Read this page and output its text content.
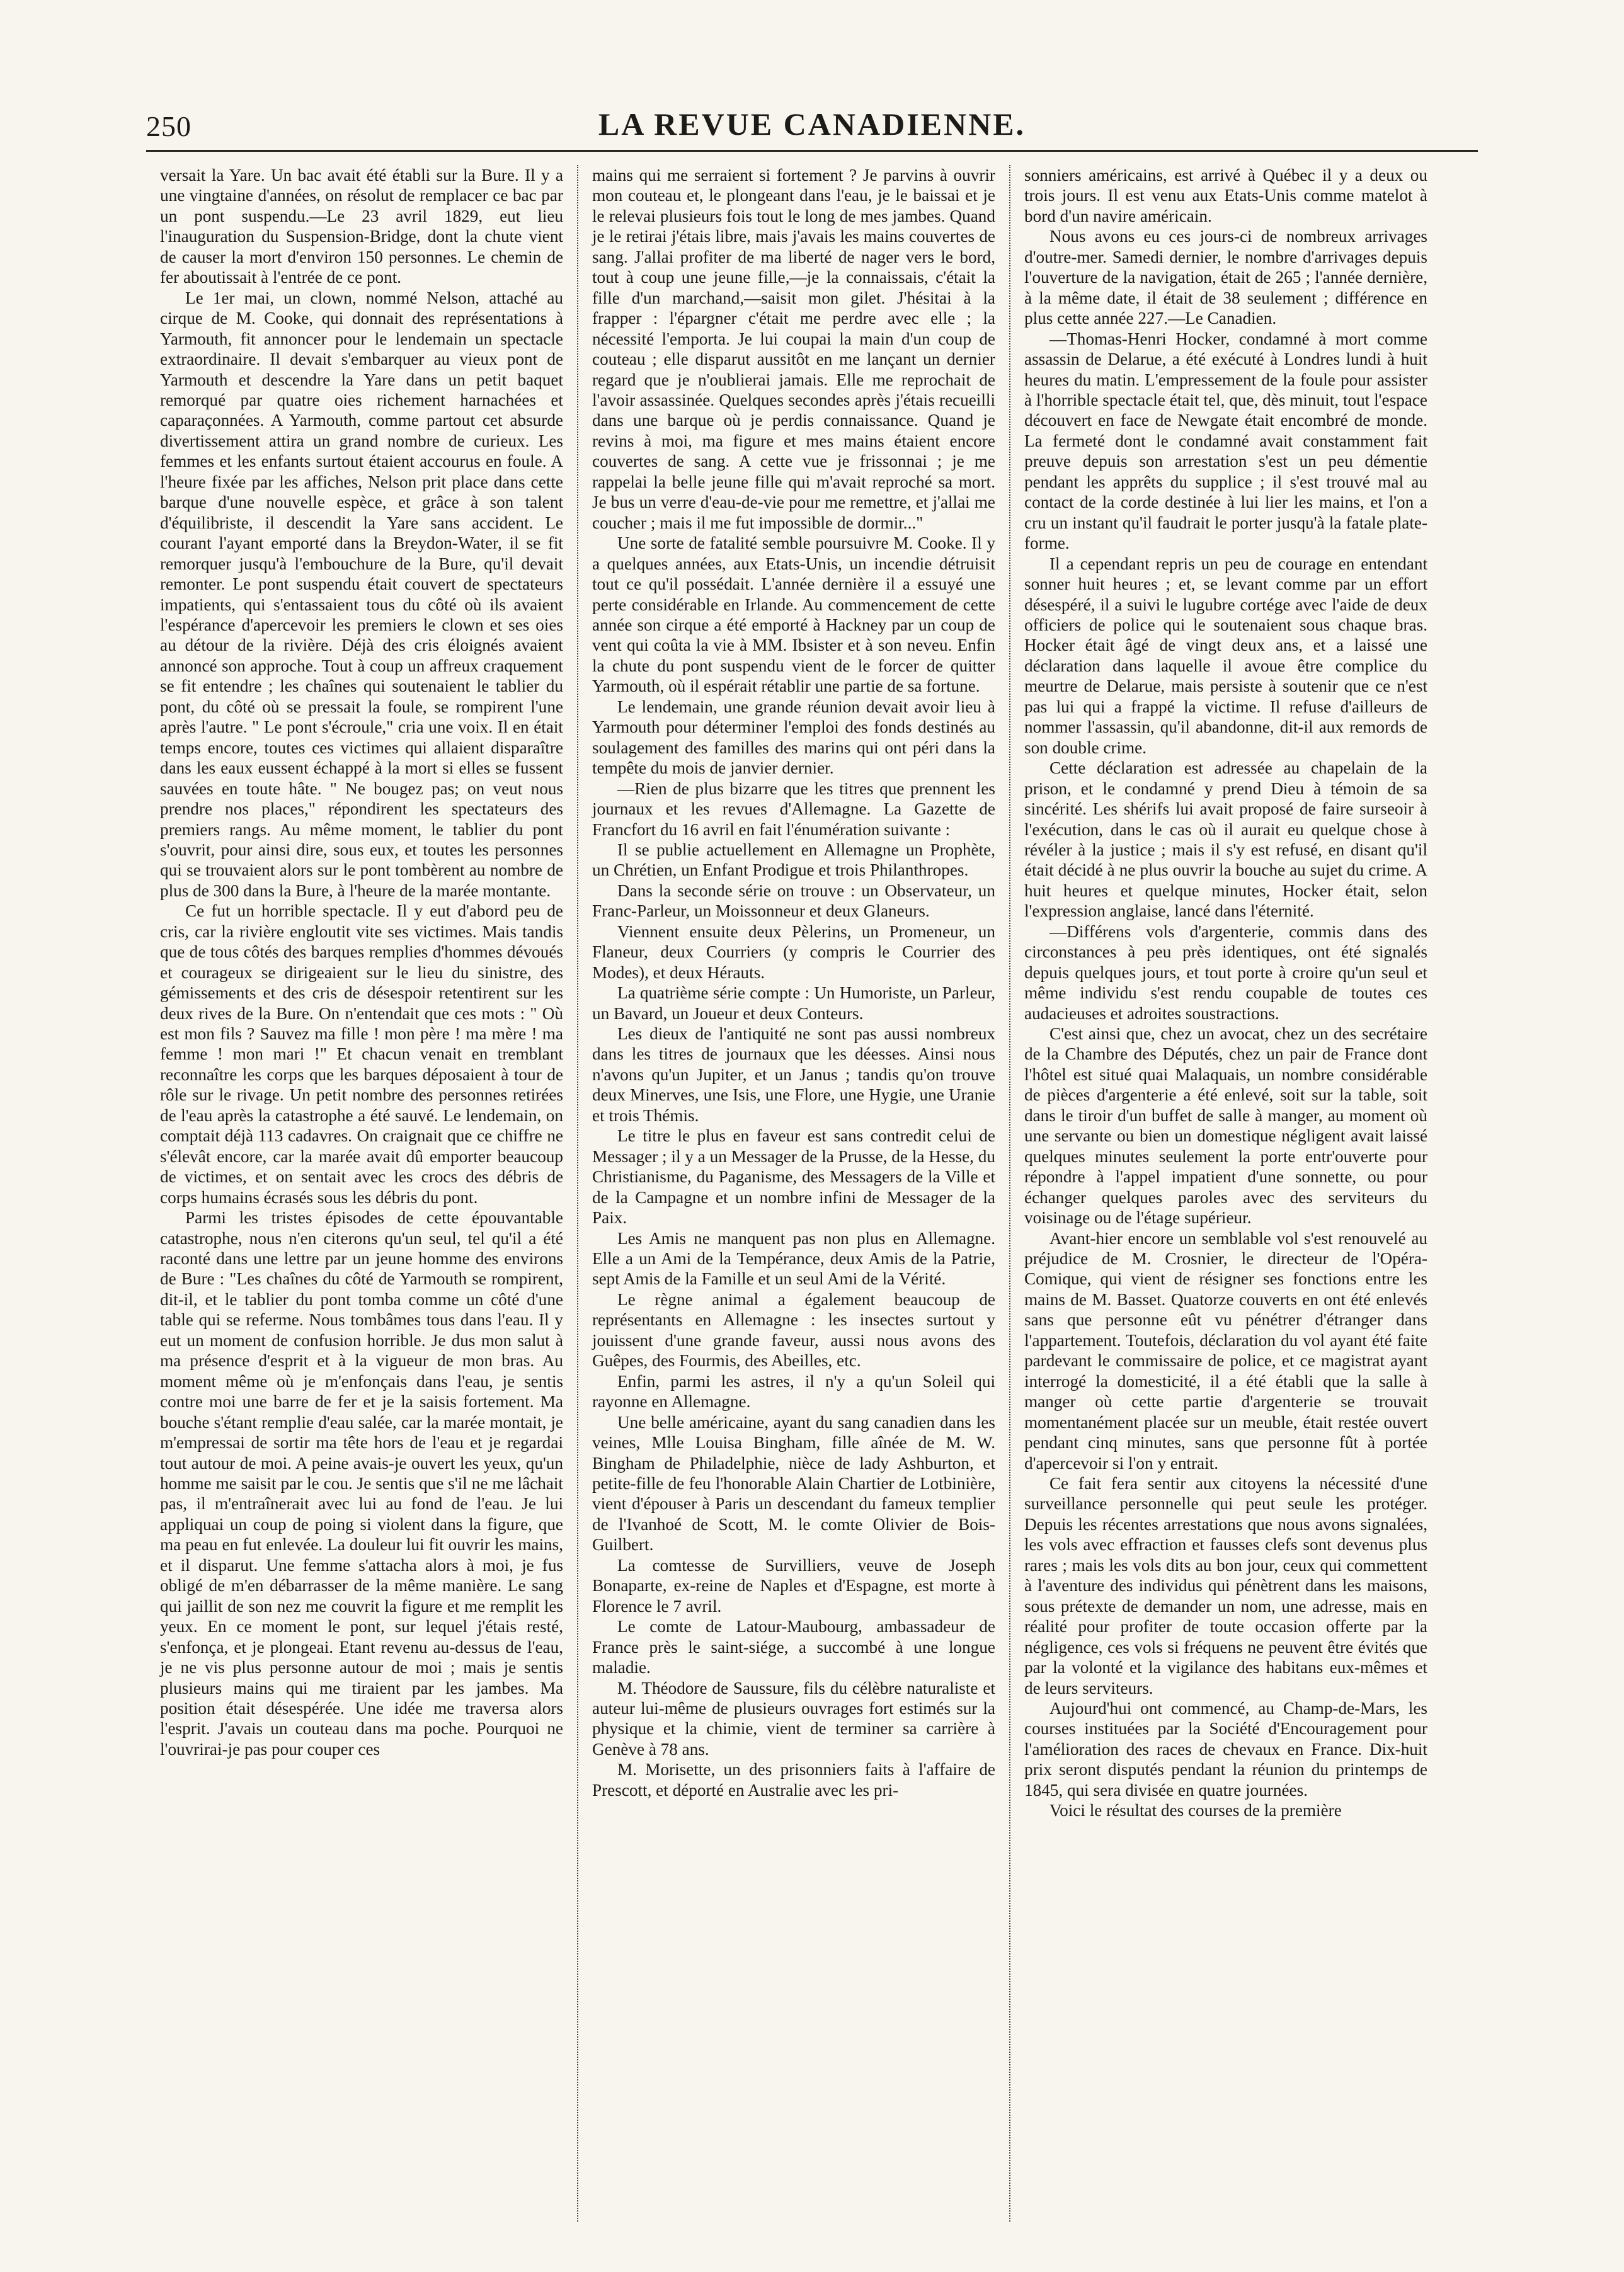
250	LA REVUE CANADIENNE.

versait la Yare. Un bac avait été établi sur la Bure. Il y a une vingtaine d'années, on résolut de remplacer ce bac par un pont suspendu.—Le 23 avril 1829, eut lieu l'inauguration du Suspension-Bridge, dont la chute vient de causer la mort d'environ 150 personnes. Le chemin de fer aboutissait à l'entrée de ce pont.

Le 1er mai, un clown, nommé Nelson, attaché au cirque de M. Cooke, qui donnait des représentations à Yarmouth, fit annoncer pour le lendemain un spectacle extraordinaire. Il devait s'embarquer au vieux pont de Yarmouth et descendre la Yare dans un petit baquet remorqué par quatre oies richement harnachées et caparaçonnées. A Yarmouth, comme partout cet absurde divertissement attira un grand nombre de curieux. Les femmes et les enfants surtout étaient accourus en foule. A l'heure fixée par les affiches, Nelson prit place dans cette barque d'une nouvelle espèce, et grâce à son talent d'équilibriste, il descendit la Yare sans accident. Le courant l'ayant emporté dans la Breydon-Water, il se fit remorquer jusqu'à l'embouchure de la Bure, qu'il devait remonter. Le pont suspendu était couvert de spectateurs impatients, qui s'entassaient tous du côté où ils avaient l'espérance d'apercevoir les premiers le clown et ses oies au détour de la rivière. Déjà des cris éloignés avaient annoncé son approche. Tout à coup un affreux craquement se fit entendre ; les chaînes qui soutenaient le tablier du pont, du côté où se pressait la foule, se rompirent l'une après l'autre. " Le pont s'écroule," cria une voix. Il en était temps encore, toutes ces victimes qui allaient disparaître dans les eaux eussent échappé à la mort si elles se fussent sauvées en toute hâte. " Ne bougez pas; on veut nous prendre nos places," répondirent les spectateurs des premiers rangs. Au même moment, le tablier du pont s'ouvrit, pour ainsi dire, sous eux, et toutes les personnes qui se trouvaient alors sur le pont tombèrent au nombre de plus de 300 dans la Bure, à l'heure de la marée montante.

Ce fut un horrible spectacle. Il y eut d'abord peu de cris, car la rivière engloutit vite ses victimes. Mais tandis que de tous côtés des barques remplies d'hommes dévoués et courageux se dirigeaient sur le lieu du sinistre, des gémissements et des cris de désespoir retentirent sur les deux rives de la Bure. On n'entendait que ces mots : " Où est mon fils ? Sauvez ma fille ! mon père ! ma mère ! ma femme ! mon mari !" Et chacun venait en tremblant reconnaître les corps que les barques déposaient à tour de rôle sur le rivage. Un petit nombre des personnes retirées de l'eau après la catastrophe a été sauvé. Le lendemain, on comptait déjà 113 cadavres. On craignait que ce chiffre ne s'élevât encore, car la marée avait dû emporter beaucoup de victimes, et on sentait avec les crocs des débris de corps humains écrasés sous les débris du pont.

Parmi les tristes épisodes de cette épouvantable catastrophe, nous n'en citerons qu'un seul, tel qu'il a été raconté dans une lettre par un jeune homme des environs de Bure : "Les chaînes du côté de Yarmouth se rompirent, dit-il, et le tablier du pont tomba comme un côté d'une table qui se referme. Nous tombâmes tous dans l'eau. Il y eut un moment de confusion horrible. Je dus mon salut à ma présence d'esprit et à la vigueur de mon bras. Au moment même où je m'enfonçais dans l'eau, je sentis contre moi une barre de fer et je la saisis fortement. Ma bouche s'étant remplie d'eau salée, car la marée montait, je m'empressai de sortir ma tête hors de l'eau et je regardai tout autour de moi. A peine avais-je ouvert les yeux, qu'un homme me saisit par le cou. Je sentis que s'il ne me lâchait pas, il m'entraînerait avec lui au fond de l'eau. Je lui appliquai un coup de poing si violent dans la figure, que ma peau en fut enlevée. La douleur lui fit ouvrir les mains, et il disparut. Une femme s'attacha alors à moi, je fus obligé de m'en débarrasser de la même manière. Le sang qui jaillit de son nez me couvrit la figure et me remplit les yeux. En ce moment le pont, sur lequel j'étais resté, s'enfonça, et je plongeai. Etant revenu au-dessus de l'eau, je ne vis plus personne autour de moi ; mais je sentis plusieurs mains qui me tiraient par les jambes. Ma position était désespérée. Une idée me traversa alors l'esprit. J'avais un couteau dans ma poche. Pourquoi ne l'ouvrirai-je pas pour couper ces

mains qui me serraient si fortement ? Je parvins à ouvrir mon couteau et, le plongeant dans l'eau, je le baissai et je le relevai plusieurs fois tout le long de mes jambes. Quand je le retirai j'étais libre, mais j'avais les mains couvertes de sang. J'allai profiter de ma liberté de nager vers le bord, tout à coup une jeune fille,—je la connaissais, c'était la fille d'un marchand,—saisit mon gilet. J'hésitai à la frapper : l'épargner c'était me perdre avec elle ; la nécessité l'emporta. Je lui coupai la main d'un coup de couteau ; elle disparut aussitôt en me lançant un dernier regard que je n'oublierai jamais. Elle me reprochait de l'avoir assassinée. Quelques secondes après j'étais recueilli dans une barque où je perdis connaissance. Quand je revins à moi, ma figure et mes mains étaient encore couvertes de sang. A cette vue je frissonnai ; je me rappelai la belle jeune fille qui m'avait reproché sa mort. Je bus un verre d'eau-de-vie pour me remettre, et j'allai me coucher ; mais il me fut impossible de dormir..."

Une sorte de fatalité semble poursuivre M. Cooke. Il y a quelques années, aux Etats-Unis, un incendie détruisit tout ce qu'il possédait. L'année dernière il a essuyé une perte considérable en Irlande. Au commencement de cette année son cirque a été emporté à Hackney par un coup de vent qui coûta la vie à MM. Ibsister et à son neveu. Enfin la chute du pont suspendu vient de le forcer de quitter Yarmouth, où il espérait rétablir une partie de sa fortune.

Le lendemain, une grande réunion devait avoir lieu à Yarmouth pour déterminer l'emploi des fonds destinés au soulagement des familles des marins qui ont péri dans la tempête du mois de janvier dernier.

—Rien de plus bizarre que les titres que prennent les journaux et les revues d'Allemagne. La Gazette de Francfort du 16 avril en fait l'énumération suivante :

Il se publie actuellement en Allemagne un Prophète, un Chrétien, un Enfant Prodigue et trois Philanthropes.

Dans la seconde série on trouve : un Observateur, un Franc-Parleur, un Moissonneur et deux Glaneurs.

Viennent ensuite deux Pèlerins, un Promeneur, un Flaneur, deux Courriers (y compris le Courrier des Modes), et deux Hérauts.

La quatrième série compte : Un Humoriste, un Parleur, un Bavard, un Joueur et deux Conteurs.

Les dieux de l'antiquité ne sont pas aussi nombreux dans les titres de journaux que les déesses. Ainsi nous n'avons qu'un Jupiter, et un Janus ; tandis qu'on trouve deux Minerves, une Isis, une Flore, une Hygie, une Uranie et trois Thémis.

Le titre le plus en faveur est sans contredit celui de Messager ; il y a un Messager de la Prusse, de la Hesse, du Christianisme, du Paganisme, des Messagers de la Ville et de la Campagne et un nombre infini de Messager de la Paix.

Les Amis ne manquent pas non plus en Allemagne. Elle a un Ami de la Tempérance, deux Amis de la Patrie, sept Amis de la Famille et un seul Ami de la Vérité.

Le règne animal a également beaucoup de représentants en Allemagne : les insectes surtout y jouissent d'une grande faveur, aussi nous avons des Guêpes, des Fourmis, des Abeilles, etc.

Enfin, parmi les astres, il n'y a qu'un Soleil qui rayonne en Allemagne.

Une belle américaine, ayant du sang canadien dans les veines, Mlle Louisa Bingham, fille aînée de M. W. Bingham de Philadelphie, nièce de lady Ashburton, et petite-fille de feu l'honorable Alain Chartier de Lotbinière, vient d'épouser à Paris un descendant du fameux templier de l'Ivanhoé de Scott, M. le comte Olivier de Bois-Guilbert.

La comtesse de Survilliers, veuve de Joseph Bonaparte, ex-reine de Naples et d'Espagne, est morte à Florence le 7 avril.

Le comte de Latour-Maubourg, ambassadeur de France près le saint-siége, a succombé à une longue maladie.

M. Théodore de Saussure, fils du célèbre naturaliste et auteur lui-même de plusieurs ouvrages fort estimés sur la physique et la chimie, vient de terminer sa carrière à Genève à 78 ans.

M. Morisette, un des prisonniers faits à l'affaire de Prescott, et déporté en Australie avec les pri-

sonniers américains, est arrivé à Québec il y a deux ou trois jours. Il est venu aux Etats-Unis comme matelot à bord d'un navire américain.

Nous avons eu ces jours-ci de nombreux arrivages d'outre-mer. Samedi dernier, le nombre d'arrivages depuis l'ouverture de la navigation, était de 265 ; l'année dernière, à la même date, il était de 38 seulement ; différence en plus cette année 227.—Le Canadien.

—Thomas-Henri Hocker, condamné à mort comme assassin de Delarue, a été exécuté à Londres lundi à huit heures du matin. L'empressement de la foule pour assister à l'horrible spectacle était tel, que, dès minuit, tout l'espace découvert en face de Newgate était encombré de monde. La fermeté dont le condamné avait constamment fait preuve depuis son arrestation s'est un peu démentie pendant les apprêts du supplice ; il s'est trouvé mal au contact de la corde destinée à lui lier les mains, et l'on a cru un instant qu'il faudrait le porter jusqu'à la fatale plate-forme.

Il a cependant repris un peu de courage en entendant sonner huit heures ; et, se levant comme par un effort désespéré, il a suivi le lugubre cortége avec l'aide de deux officiers de police qui le soutenaient sous chaque bras. Hocker était âgé de vingt deux ans, et a laissé une déclaration dans laquelle il avoue être complice du meurtre de Delarue, mais persiste à soutenir que ce n'est pas lui qui a frappé la victime. Il refuse d'ailleurs de nommer l'assassin, qu'il abandonne, dit-il aux remords de son double crime.

Cette déclaration est adressée au chapelain de la prison, et le condamné y prend Dieu à témoin de sa sincérité. Les shérifs lui avait proposé de faire surseoir à l'exécution, dans le cas où il aurait eu quelque chose à révéler à la justice ; mais il s'y est refusé, en disant qu'il était décidé à ne plus ouvrir la bouche au sujet du crime. A huit heures et quelque minutes, Hocker était, selon l'expression anglaise, lancé dans l'éternité.

—Différens vols d'argenterie, commis dans des circonstances à peu près identiques, ont été signalés depuis quelques jours, et tout porte à croire qu'un seul et même individu s'est rendu coupable de toutes ces audacieuses et adroites soustractions.

C'est ainsi que, chez un avocat, chez un des secrétaire de la Chambre des Députés, chez un pair de France dont l'hôtel est situé quai Malaquais, un nombre considérable de pièces d'argenterie a été enlevé, soit sur la table, soit dans le tiroir d'un buffet de salle à manger, au moment où une servante ou bien un domestique négligent avait laissé quelques minutes seulement la porte entr'ouverte pour répondre à l'appel impatient d'une sonnette, ou pour échanger quelques paroles avec des serviteurs du voisinage ou de l'étage supérieur.

Avant-hier encore un semblable vol s'est renouvelé au préjudice de M. Crosnier, le directeur de l'Opéra-Comique, qui vient de résigner ses fonctions entre les mains de M. Basset. Quatorze couverts en ont été enlevés sans que personne eût vu pénétrer d'étranger dans l'appartement. Toutefois, déclaration du vol ayant été faite pardevant le commissaire de police, et ce magistrat ayant interrogé la domesticité, il a été établi que la salle à manger où cette partie d'argenterie se trouvait momentanément placée sur un meuble, était restée ouvert pendant cinq minutes, sans que personne fût à portée d'apercevoir si l'on y entrait.

Ce fait fera sentir aux citoyens la nécessité d'une surveillance personnelle qui peut seule les protéger. Depuis les récentes arrestations que nous avons signalées, les vols avec effraction et fausses clefs sont devenus plus rares ; mais les vols dits au bon jour, ceux qui commettent à l'aventure des individus qui pénètrent dans les maisons, sous prétexte de demander un nom, une adresse, mais en réalité pour profiter de toute occasion offerte par la négligence, ces vols si fréquens ne peuvent être évités que par la volonté et la vigilance des habitans eux-mêmes et de leurs serviteurs.

Aujourd'hui ont commencé, au Champ-de-Mars, les courses instituées par la Société d'Encouragement pour l'amélioration des races de chevaux en France. Dix-huit prix seront disputés pendant la réunion du printemps de 1845, qui sera divisée en quatre journées.

Voici le résultat des courses de la première
